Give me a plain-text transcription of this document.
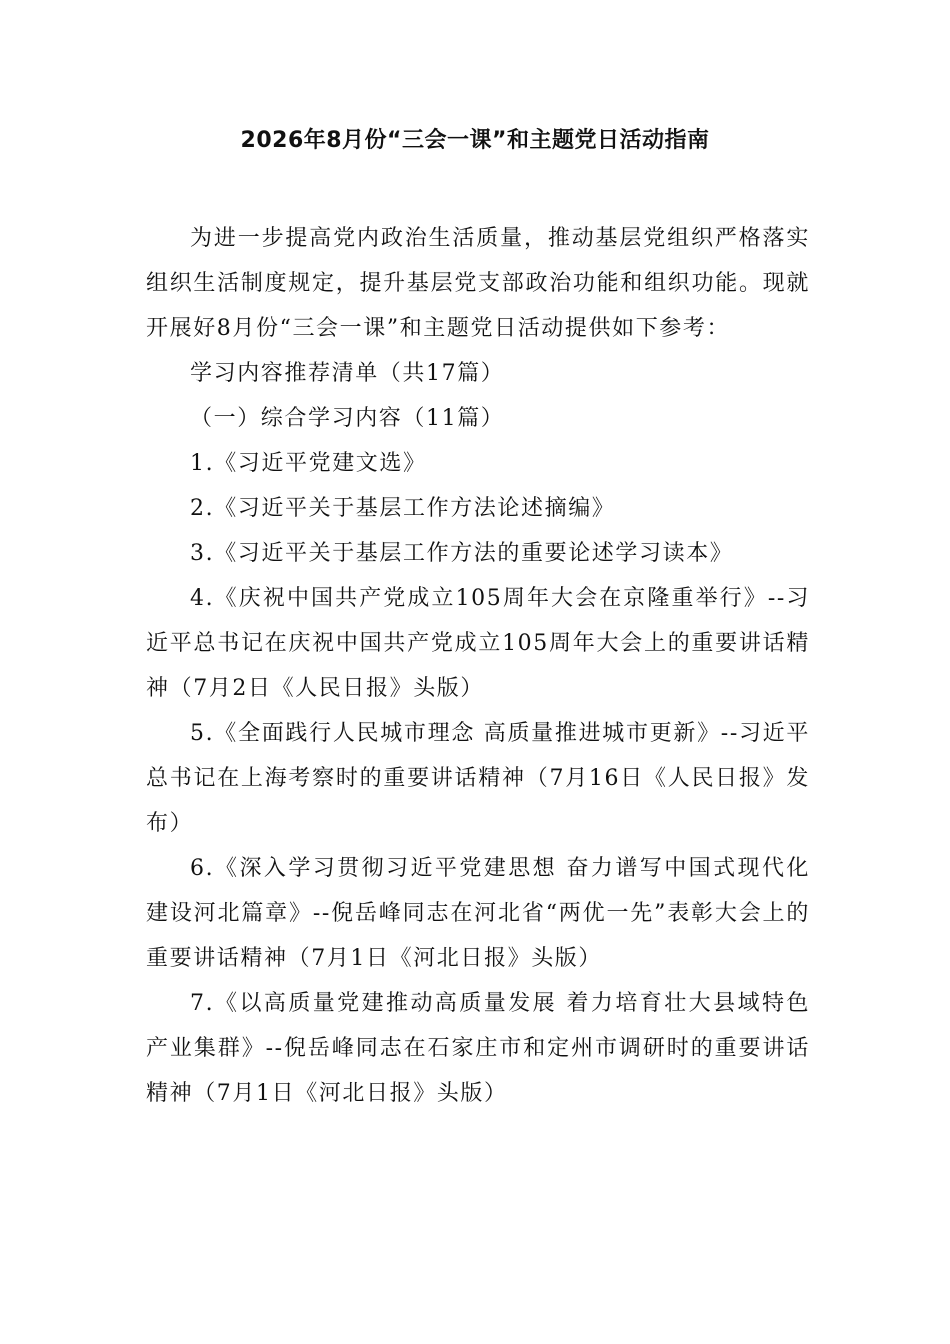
2026年8月份“三会一课”和主题党日活动指南

为进一步提高党内政治生活质量，推动基层党组织严格落实组织生活制度规定，提升基层党支部政治功能和组织功能。现就开展好8月份“三会一课”和主题党日活动提供如下参考：

学习内容推荐清单（共17篇）

（一）综合学习内容（11篇）

1.《习近平党建文选》

2.《习近平关于基层工作方法论述摘编》

3.《习近平关于基层工作方法的重要论述学习读本》

4.《庆祝中国共产党成立105周年大会在京隆重举行》--习近平总书记在庆祝中国共产党成立105周年大会上的重要讲话精神（7月2日《人民日报》头版）

5.《全面践行人民城市理念 高质量推进城市更新》--习近平总书记在上海考察时的重要讲话精神（7月16日《人民日报》发布）

6.《深入学习贯彻习近平党建思想 奋力谱写中国式现代化建设河北篇章》--倪岳峰同志在河北省“两优一先”表彰大会上的重要讲话精神（7月1日《河北日报》头版）

7.《以高质量党建推动高质量发展 着力培育壮大县域特色产业集群》--倪岳峰同志在石家庄市和定州市调研时的重要讲话精神（7月1日《河北日报》头版）
